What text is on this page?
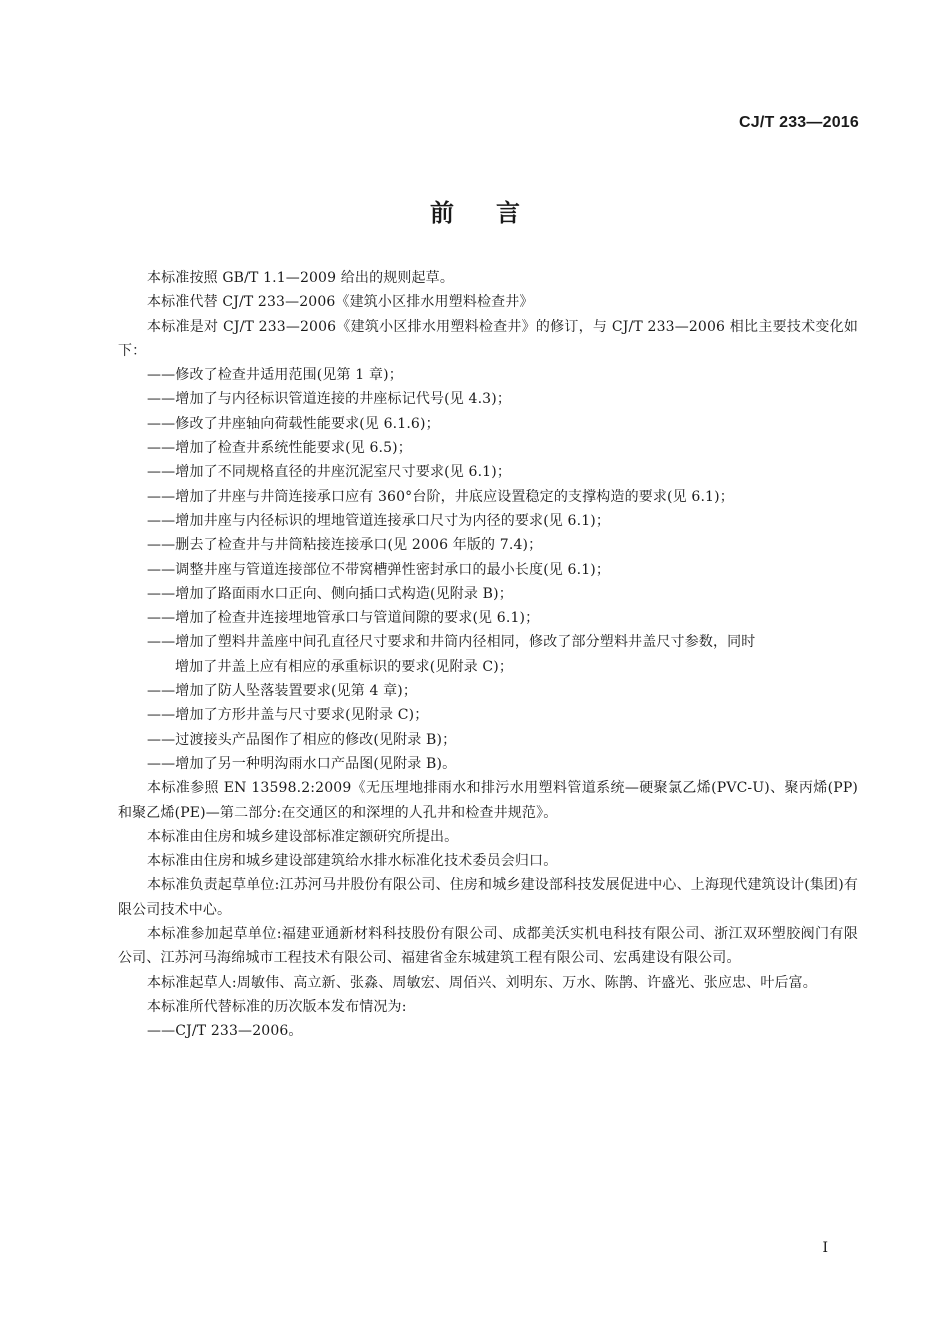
CJ/T 233—2016
前言

本标准按照 GB/T 1.1—2009 给出的规则起草。

本标准代替 CJ/T 233—2006《建筑小区排水用塑料检查井》

本标准是对 CJ/T 233—2006《建筑小区排水用塑料检查井》的修订，与 CJ/T 233—2006 相比主要技术变化如下：

——修改了检查井适用范围(见第 1 章)；

——增加了与内径标识管道连接的井座标记代号(见 4.3)；

——修改了井座轴向荷载性能要求(见 6.1.6)；

——增加了检查井系统性能要求(见 6.5)；

——增加了不同规格直径的井座沉泥室尺寸要求(见 6.1)；

——增加了井座与井筒连接承口应有 360°台阶，井底应设置稳定的支撑构造的要求(见 6.1)；

——增加井座与内径标识的埋地管道连接承口尺寸为内径的要求(见 6.1)；

——删去了检查井与井筒粘接连接承口(见 2006 年版的 7.4)；

——调整井座与管道连接部位不带窝槽弹性密封承口的最小长度(见 6.1)；

——增加了路面雨水口正向、侧向插口式构造(见附录 B)；

——增加了检查井连接埋地管承口与管道间隙的要求(见 6.1)；

——增加了塑料井盖座中间孔直径尺寸要求和井筒内径相同，修改了部分塑料井盖尺寸参数，同时
增加了井盖上应有相应的承重标识的要求(见附录 C)；

——增加了防人坠落装置要求(见第 4 章)；

——增加了方形井盖与尺寸要求(见附录 C)；

——过渡接头产品图作了相应的修改(见附录 B)；

——增加了另一种明沟雨水口产品图(见附录 B)。

本标准参照 EN 13598.2:2009《无压埋地排雨水和排污水用塑料管道系统—硬聚氯乙烯(PVC-U)、聚丙烯(PP)和聚乙烯(PE)—第二部分:在交通区的和深埋的人孔井和检查井规范》。

本标准由住房和城乡建设部标准定额研究所提出。

本标准由住房和城乡建设部建筑给水排水标准化技术委员会归口。

本标准负责起草单位:江苏河马井股份有限公司、住房和城乡建设部科技发展促进中心、上海现代建筑设计(集团)有限公司技术中心。

本标准参加起草单位:福建亚通新材料科技股份有限公司、成都美沃实机电科技有限公司、浙江双环塑胶阀门有限公司、江苏河马海绵城市工程技术有限公司、福建省金东城建筑工程有限公司、宏禹建设有限公司。

本标准起草人:周敏伟、高立新、张淼、周敏宏、周佰兴、刘明东、万水、陈鹊、许盛光、张应忠、叶后富。

本标准所代替标准的历次版本发布情况为:

——CJ/T 233—2006。

I
